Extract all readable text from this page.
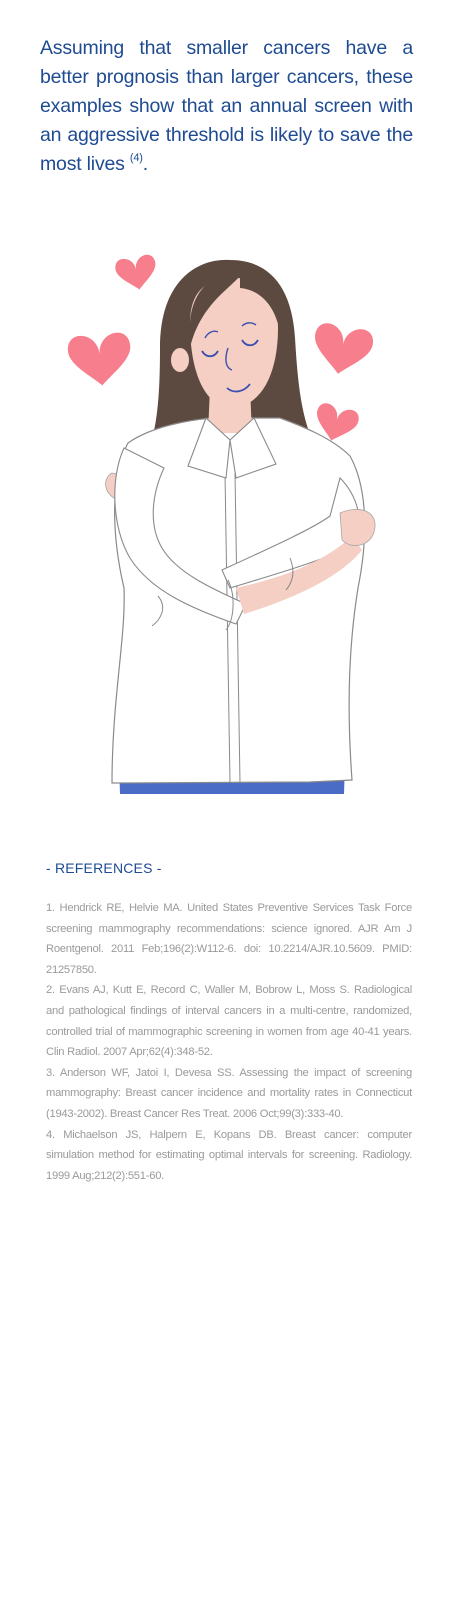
Assuming that smaller cancers have a better prognosis than larger cancers, these examples show that an annual screen with an aggressive threshold is likely to save the most lives $^{(4)}$.

- REFERENCES -

1. Hendrick RE, Helvie MA. United States Preventive Services Task Force screening mammography recommendations: science ignored. AJR Am J Roentgenol. 2011 Feb;196(2):W112-6. doi: 10.2214/AJR.10.5609. PMID: 21257850.
2. Evans AJ, Kutt E, Record C, Waller M, Bobrow L, Moss S. Radiological and pathological findings of interval cancers in a multi-centre, randomized, controlled trial of mammographic screening in women from age 40-41 years. Clin Radiol. 2007 Apr;62(4):348-52.
3. Anderson WF, Jatoi I, Devesa SS. Assessing the impact of screening mammography: Breast cancer incidence and mortality rates in Connecticut (1943-2002). Breast Cancer Res Treat. 2006 Oct;99(3):333-40.
4. Michaelson JS, Halpern E, Kopans DB. Breast cancer: computer simulation method for estimating optimal intervals for screening. Radiology. 1999 Aug;212(2):551-60.
